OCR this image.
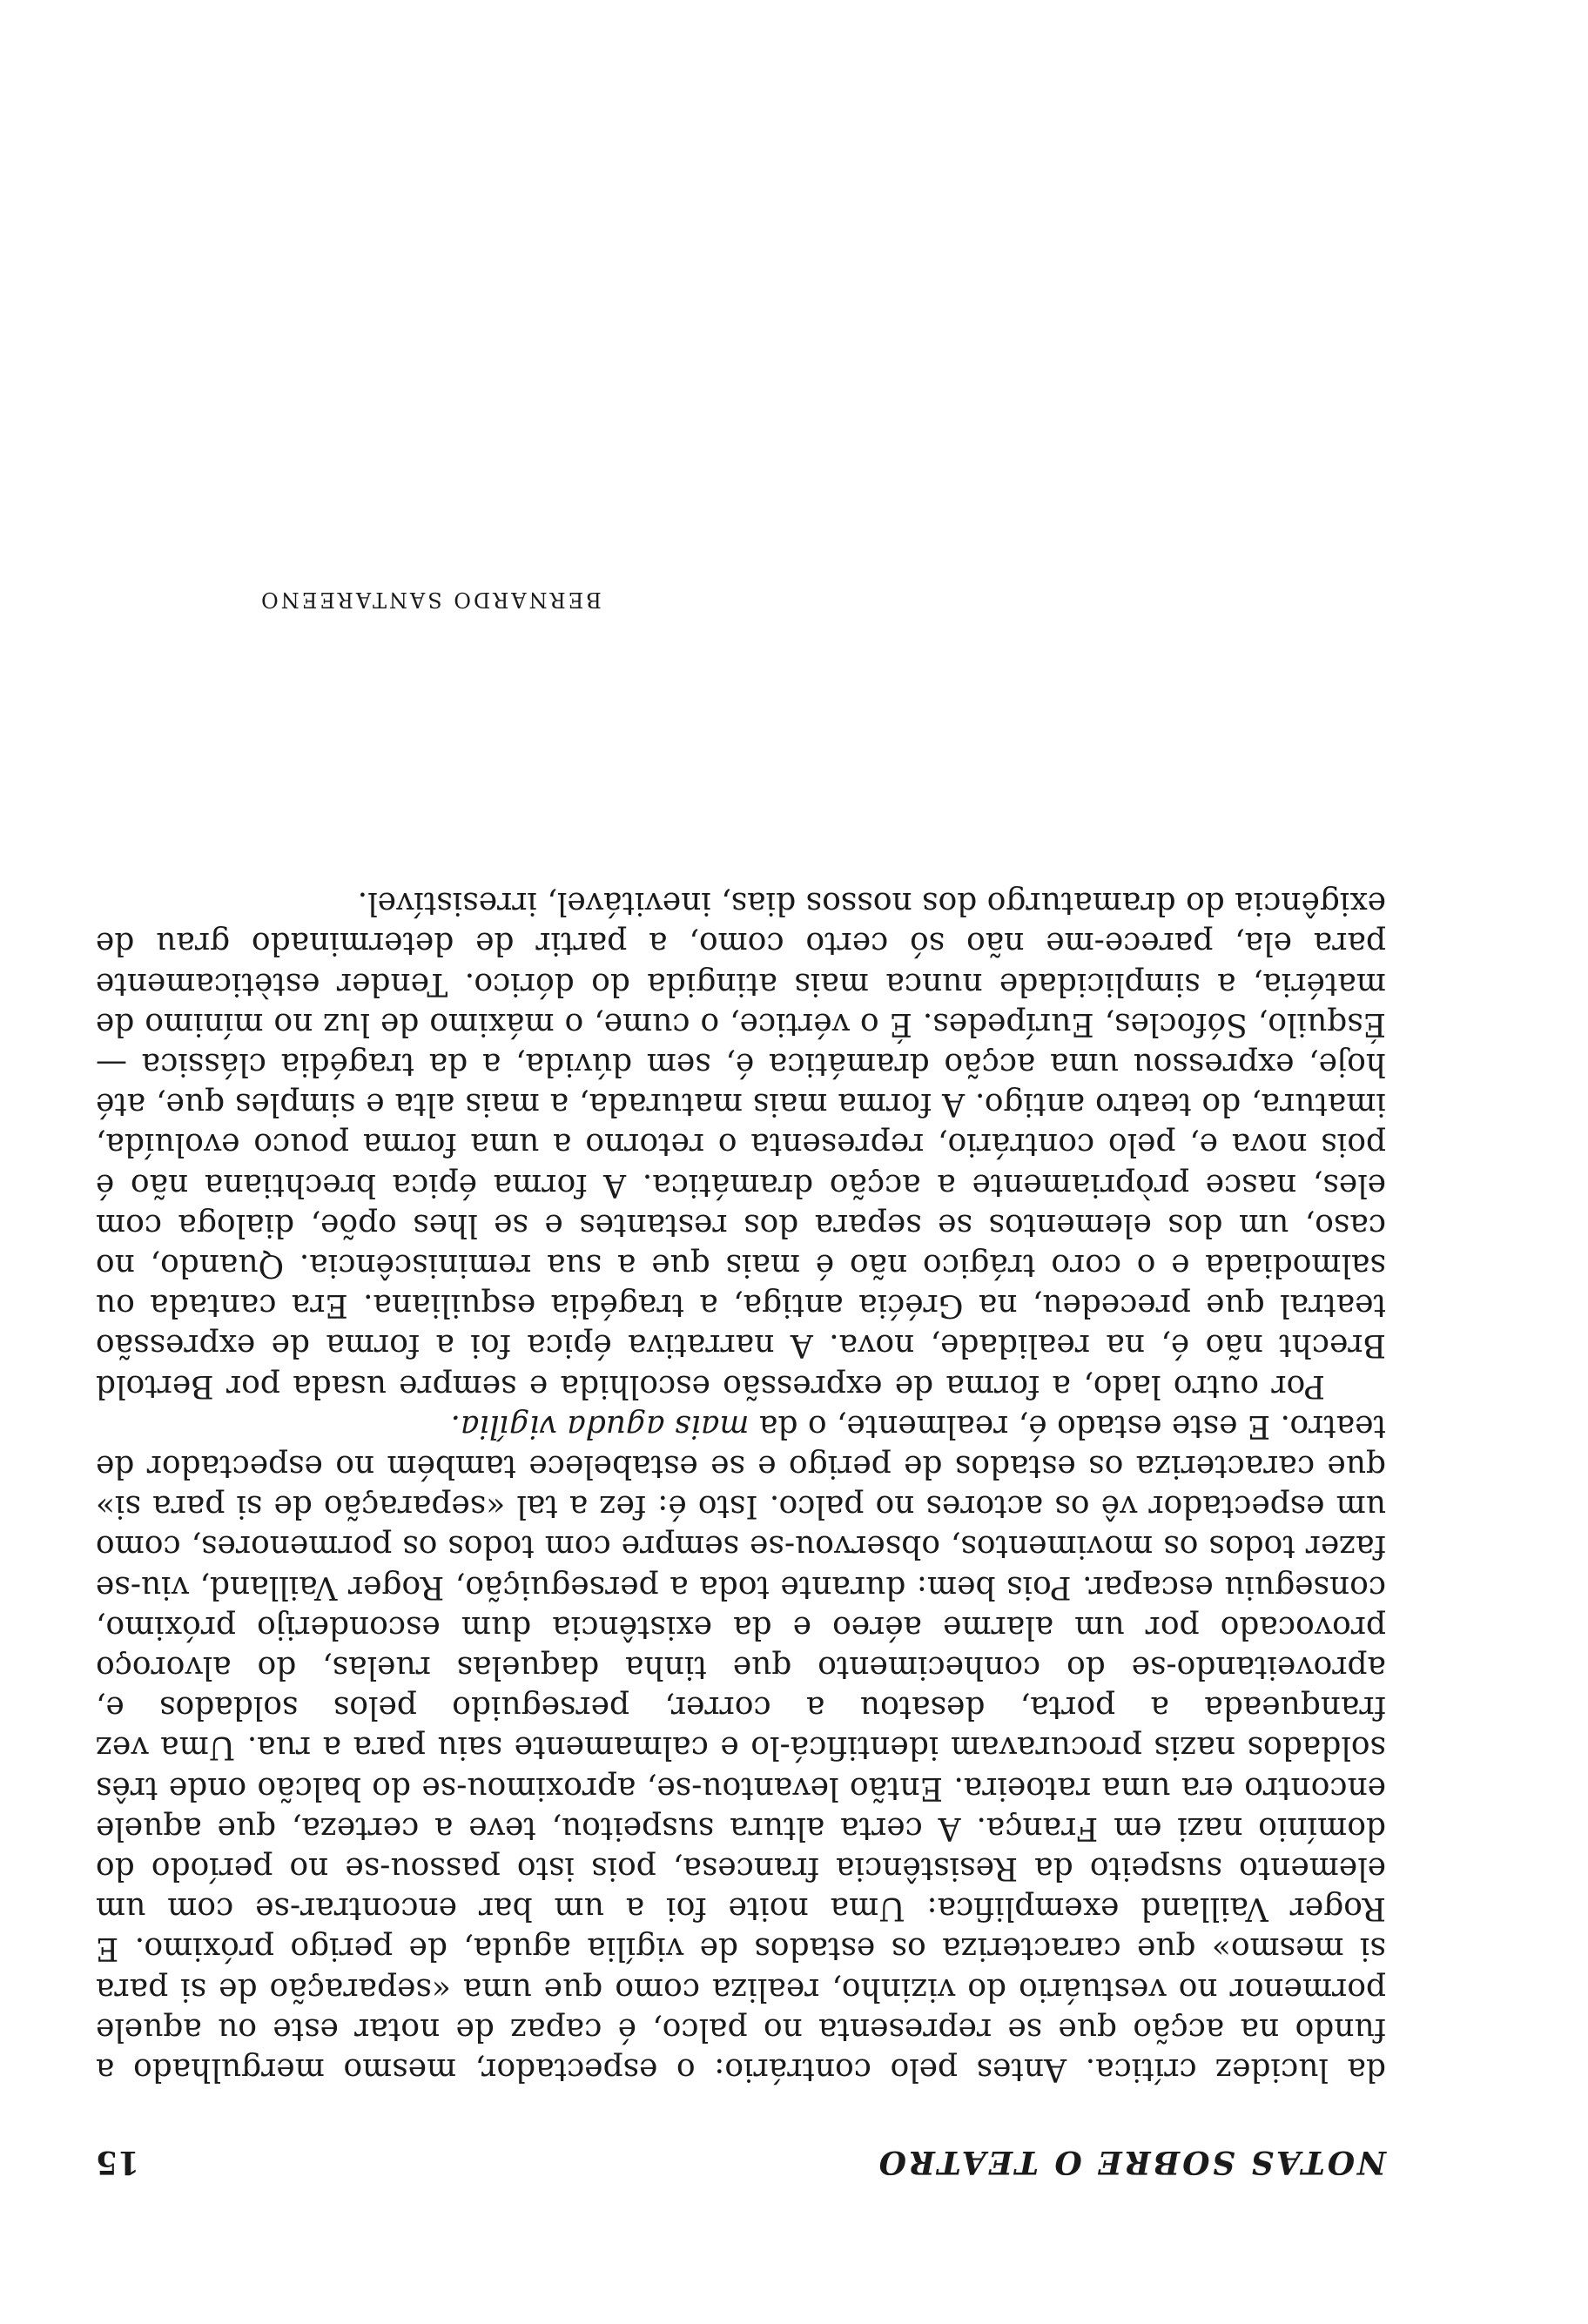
NOTAS SOBRE O TEATRO
15

da lucidez crítica. Antes pelo contrário: o espectador, mesmo mergulhado a fundo na acção que se representa no palco, é capaz de notar este ou aquele pormenor no vestuário do vizinho, realiza como que uma «separação de si para si mesmo» que caracteriza os estados de vigília aguda, de perigo próximo. E Roger Vailland exemplifica: Uma noite foi a um bar encontrar-se com um elemento suspeito da Resistência francesa, pois isto passou-se no período do domínio nazi em França. A certa altura suspeitou, teve a certeza, que aquele encontro era uma ratoeira. Então levantou-se, aproximou-se do balcão onde três soldados nazis procuravam identificá-lo e calmamente saiu para a rua. Uma vez franqueada a porta, desatou a correr, perseguido pelos soldados e, aproveitando-se do conhecimento que tinha daquelas ruelas, do alvoroço provocado por um alarme aéreo e da existência dum esconderijo próximo, conseguiu escapar. Pois bem: durante toda a perseguição, Roger Vailland, viu-se fazer todos os movimentos, observou-se sempre com todos os pormenores, como um espectador vê os actores no palco. Isto é: fez a tal «separação de si para si» que caracteriza os estados de perigo e se estabelece também no espectador de teatro. E este estado é, realmente, o da mais aguda vigília.

Por outro lado, a forma de expressão escolhida e sempre usada por Bertold Brecht não é, na realidade, nova. A narrativa épica foi a forma de expressão teatral que precedeu, na Gréćia antiga, a tragédia esquiliana. Era cantada ou salmodiada e o coro trágico não é mais que a sua reminiscência. Quando, no caso, um dos elementos se separa dos restantes e se lhes opõe, dialoga com eles, nasce pròpriamente a acção dramática. A forma épica brechtiana não é pois nova e, pelo contrário, representa o retorno a uma forma pouco evoluída, imatura, do teatro antigo. A forma mais maturada, a mais alta e simples que, até hoje, expressou uma acção dramática é, sem dúvida, a da tragédia clássica — Ésquilo, Sófocles, Eurípedes. É o vértice, o cume, o máximo de luz no mínimo de matéria, a simplicidade nunca mais atingida do dórico. Tender estèticamente para ela, parece-me não só certo como, a partir de determinado grau de exigência do dramaturgo dos nossos dias, inevitável, irresistível.

BERNARDO SANTAREENO
